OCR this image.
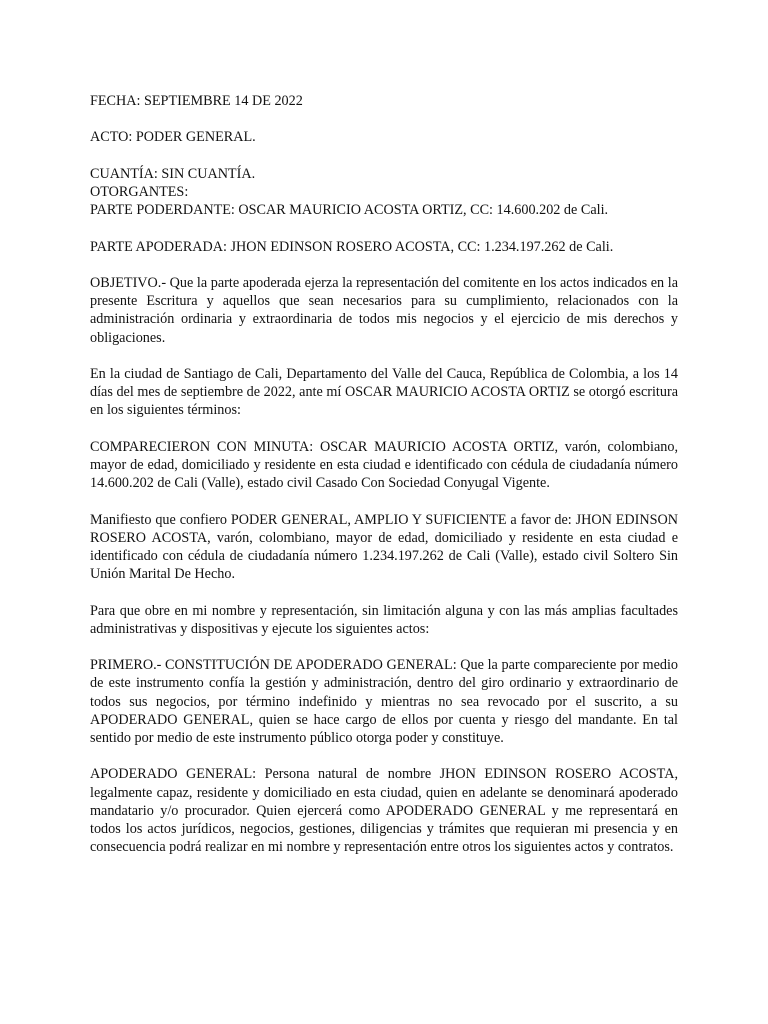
FECHA: SEPTIEMBRE 14 DE 2022

ACTO: PODER GENERAL.

CUANTÍA: SIN CUANTÍA.

OTORGANTES:

PARTE PODERDANTE: OSCAR MAURICIO ACOSTA ORTIZ, CC: 14.600.202 de Cali.

PARTE APODERADA: JHON EDINSON ROSERO ACOSTA, CC: 1.234.197.262 de Cali.

OBJETIVO.- Que la parte apoderada ejerza la representación del comitente en los actos indicados en la presente Escritura y aquellos que sean necesarios para su cumplimiento, relacionados con la administración ordinaria y extraordinaria de todos mis negocios y el ejercicio de mis derechos y obligaciones.

En la ciudad de Santiago de Cali, Departamento del Valle del Cauca, República de Colombia, a los 14 días del mes de septiembre de 2022, ante mí OSCAR MAURICIO ACOSTA ORTIZ se otorgó escritura en los siguientes términos:

COMPARECIERON CON MINUTA: OSCAR MAURICIO ACOSTA ORTIZ, varón, colombiano, mayor de edad, domiciliado y residente en esta ciudad e identificado con cédula de ciudadanía número 14.600.202 de Cali (Valle), estado civil Casado Con Sociedad Conyugal Vigente.

Manifiesto que confiero PODER GENERAL, AMPLIO Y SUFICIENTE a favor de: JHON EDINSON ROSERO ACOSTA, varón, colombiano, mayor de edad, domiciliado y residente en esta ciudad e identificado con cédula de ciudadanía número 1.234.197.262 de Cali (Valle), estado civil Soltero Sin Unión Marital De Hecho.

Para que obre en mi nombre y representación, sin limitación alguna y con las más amplias facultades administrativas y dispositivas y ejecute los siguientes actos:

PRIMERO.- CONSTITUCIÓN DE APODERADO GENERAL: Que la parte compareciente por medio de este instrumento confía la gestión y administración, dentro del giro ordinario y extraordinario de todos sus negocios, por término indefinido y mientras no sea revocado por el suscrito, a su APODERADO GENERAL, quien se hace cargo de ellos por cuenta y riesgo del mandante. En tal sentido por medio de este instrumento público otorga poder y constituye.

APODERADO GENERAL: Persona natural de nombre JHON EDINSON ROSERO ACOSTA, legalmente capaz, residente y domiciliado en esta ciudad, quien en adelante se denominará apoderado mandatario y/o procurador. Quien ejercerá como APODERADO GENERAL y me representará en todos los actos jurídicos, negocios, gestiones, diligencias y trámites que requieran mi presencia y en consecuencia podrá realizar en mi nombre y representación entre otros los siguientes actos y contratos.
